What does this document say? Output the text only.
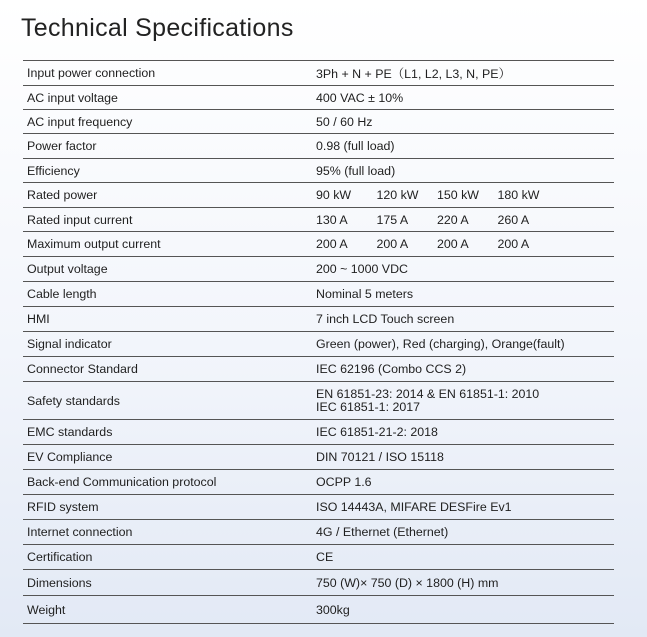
Technical Specifications
Input power connection	3Ph + N + PE（L1, L2, L3, N, PE）
AC input voltage	400 VAC ± 10%
AC input frequency	50 / 60 Hz
Power factor	0.98 (full load)
Efficiency	95% (full load)
Rated power	90 kW	120 kW	150 kW	180 kW
Rated input current	130 A	175 A	220 A	260 A
Maximum output current	200 A	200 A	200 A	200 A
Output voltage	200 ~ 1000 VDC
Cable length	Nominal 5 meters
HMI	7 inch LCD Touch screen
Signal indicator	Green (power), Red (charging), Orange(fault)
Connector Standard	IEC 62196 (Combo CCS 2)
Safety standards	EN 61851-23: 2014 & EN 61851-1: 2010
IEC 61851-1: 2017
EMC standards	IEC 61851-21-2: 2018
EV Compliance	DIN 70121 / ISO 15118
Back-end Communication protocol	OCPP 1.6
RFID system	ISO 14443A, MIFARE DESFire Ev1
Internet connection	4G / Ethernet (Ethernet)
Certification	CE
Dimensions	750 (W)× 750 (D) × 1800 (H) mm
Weight	300kg
